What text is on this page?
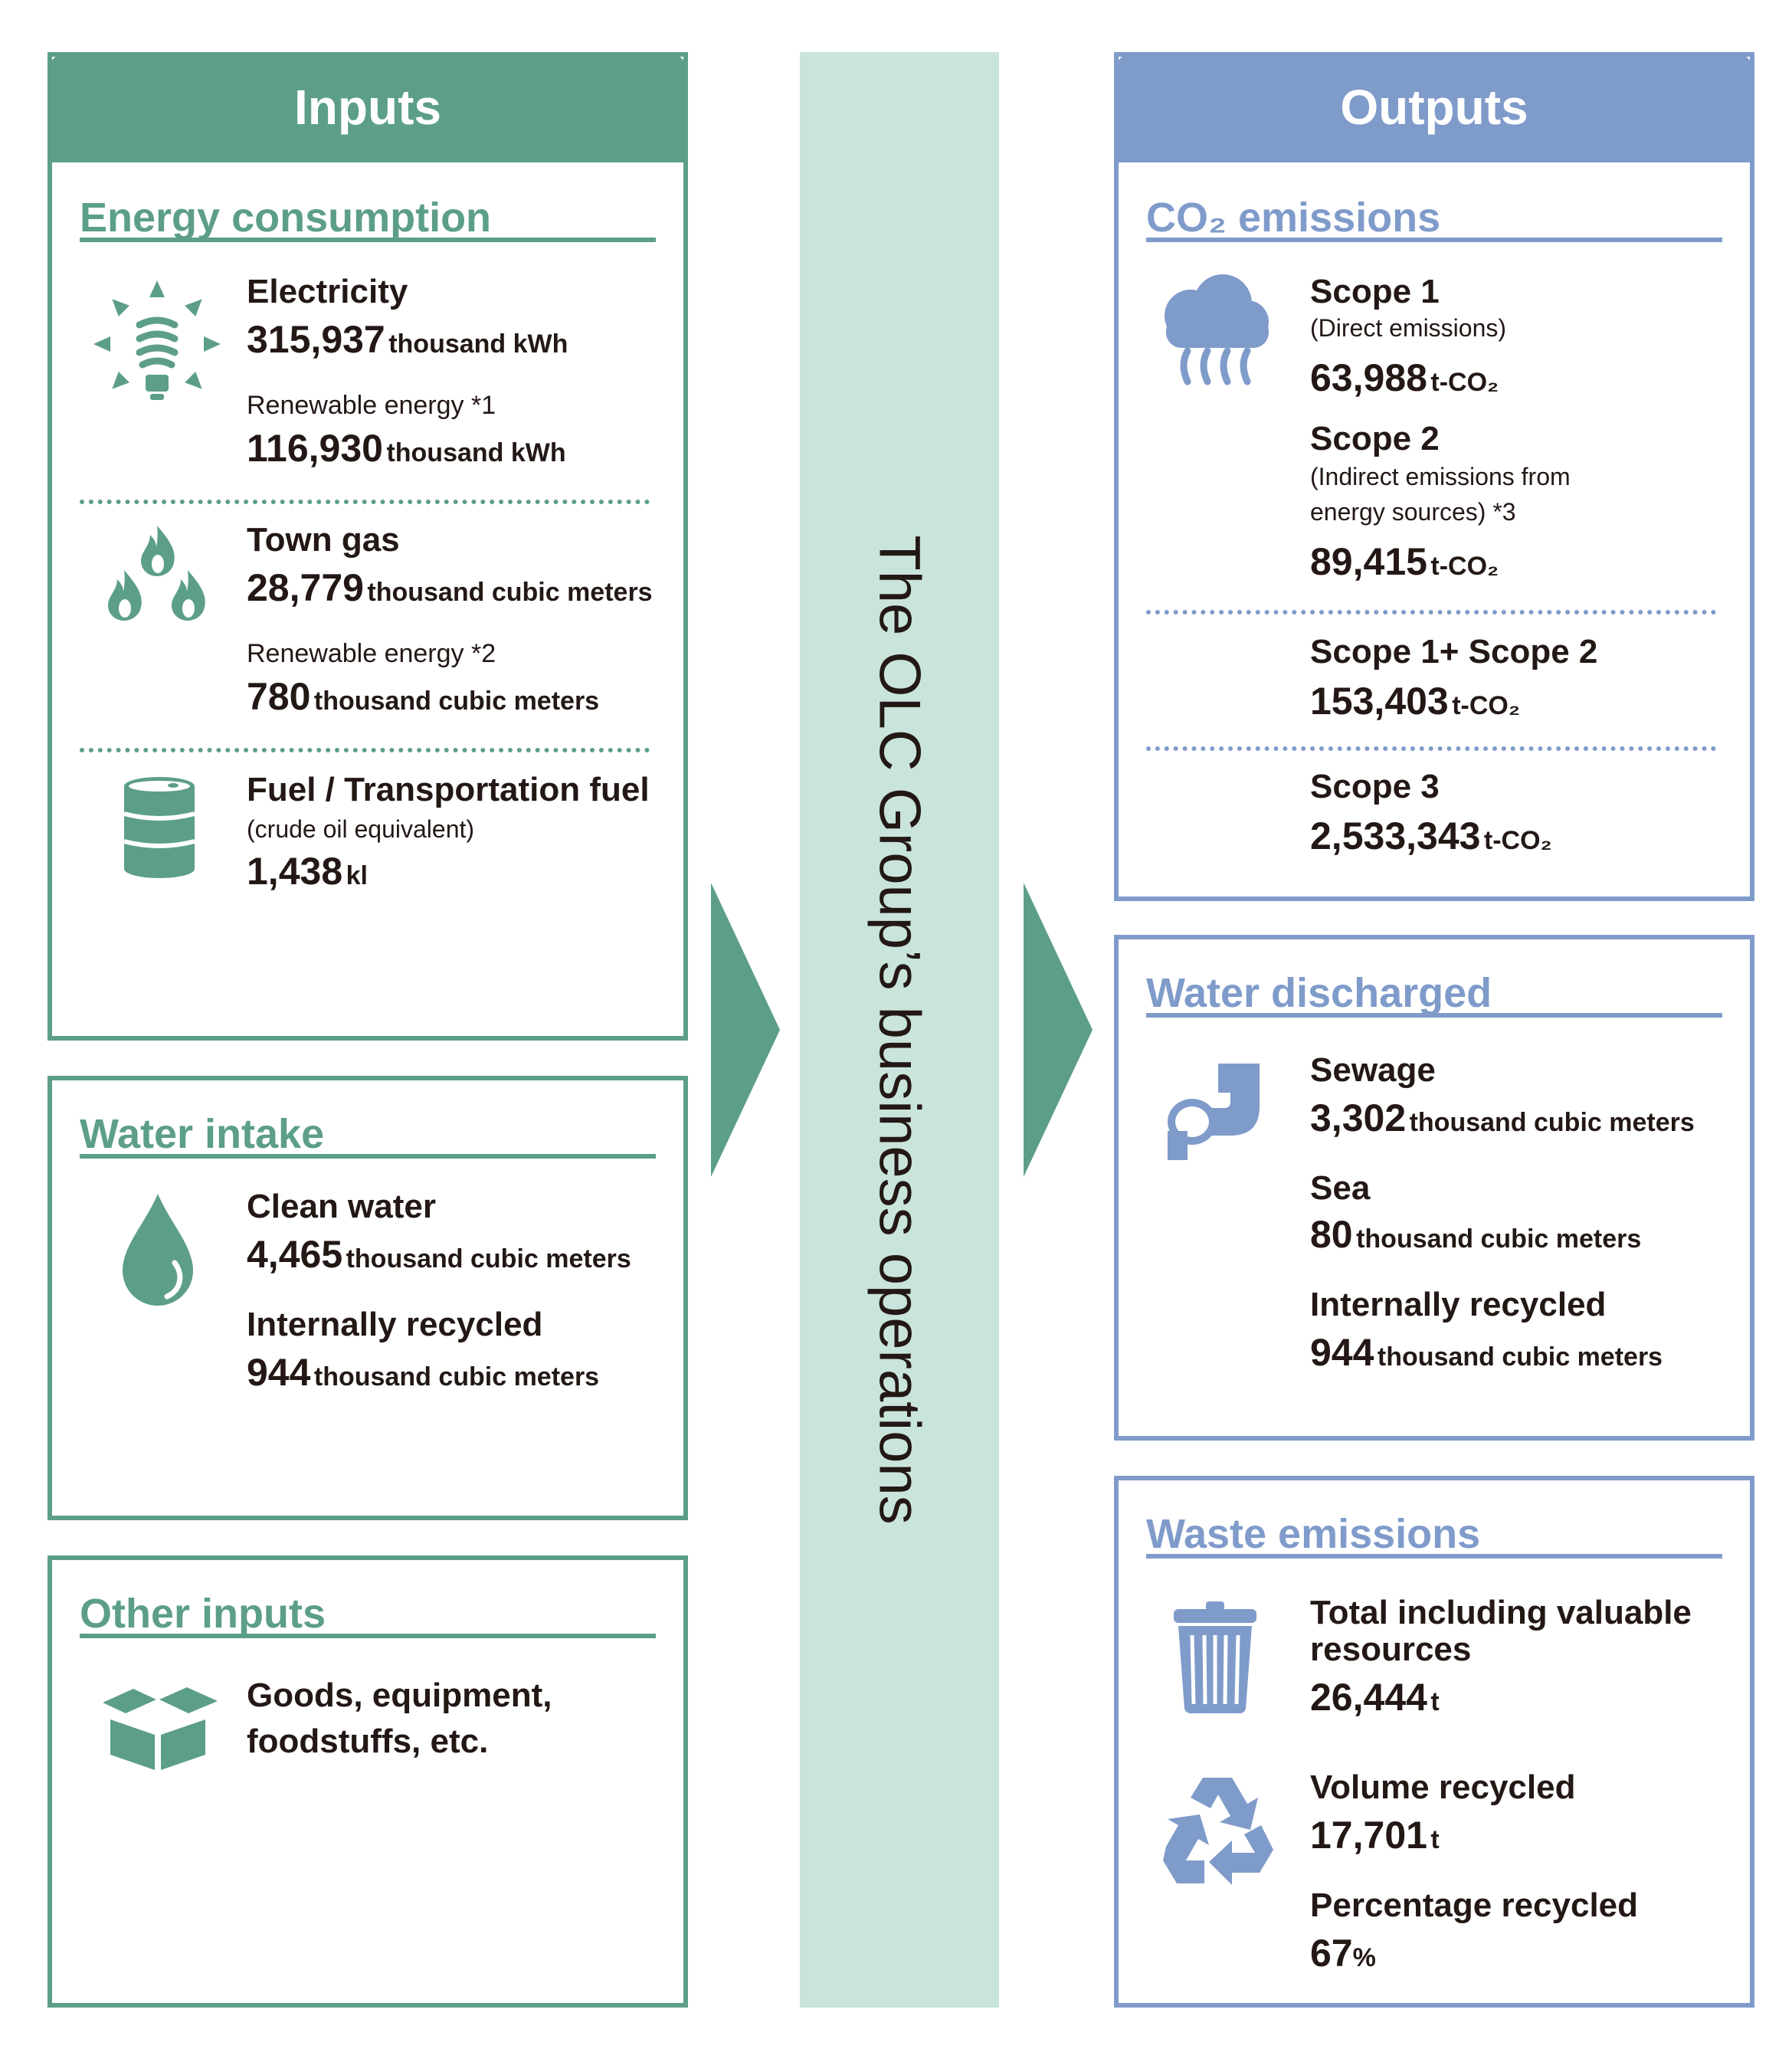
Inputs
Energy consumption
Electricity
315,937 thousand kWh
Renewable energy *1
116,930 thousand kWh
Town gas
28,779 thousand cubic meters
Renewable energy *2
780 thousand cubic meters
Fuel / Transportation fuel
(crude oil equivalent)
1,438 kl
Water intake
Clean water
4,465 thousand cubic meters
Internally recycled
944 thousand cubic meters
Other inputs
Goods, equipment,
foodstuffs, etc.
The OLC Group’s business operations
Outputs
CO₂ emissions
Scope 1
(Direct emissions)
63,988 t-CO₂
Scope 2
(Indirect emissions from
energy sources) *3
89,415 t-CO₂
Scope 1+ Scope 2
153,403 t-CO₂
Scope 3
2,533,343 t-CO₂
Water discharged
Sewage
3,302 thousand cubic meters
Sea
80 thousand cubic meters
Internally recycled
944 thousand cubic meters
Waste emissions
Total including valuable
resources
26,444 t
Volume recycled
17,701 t
Percentage recycled
67%
